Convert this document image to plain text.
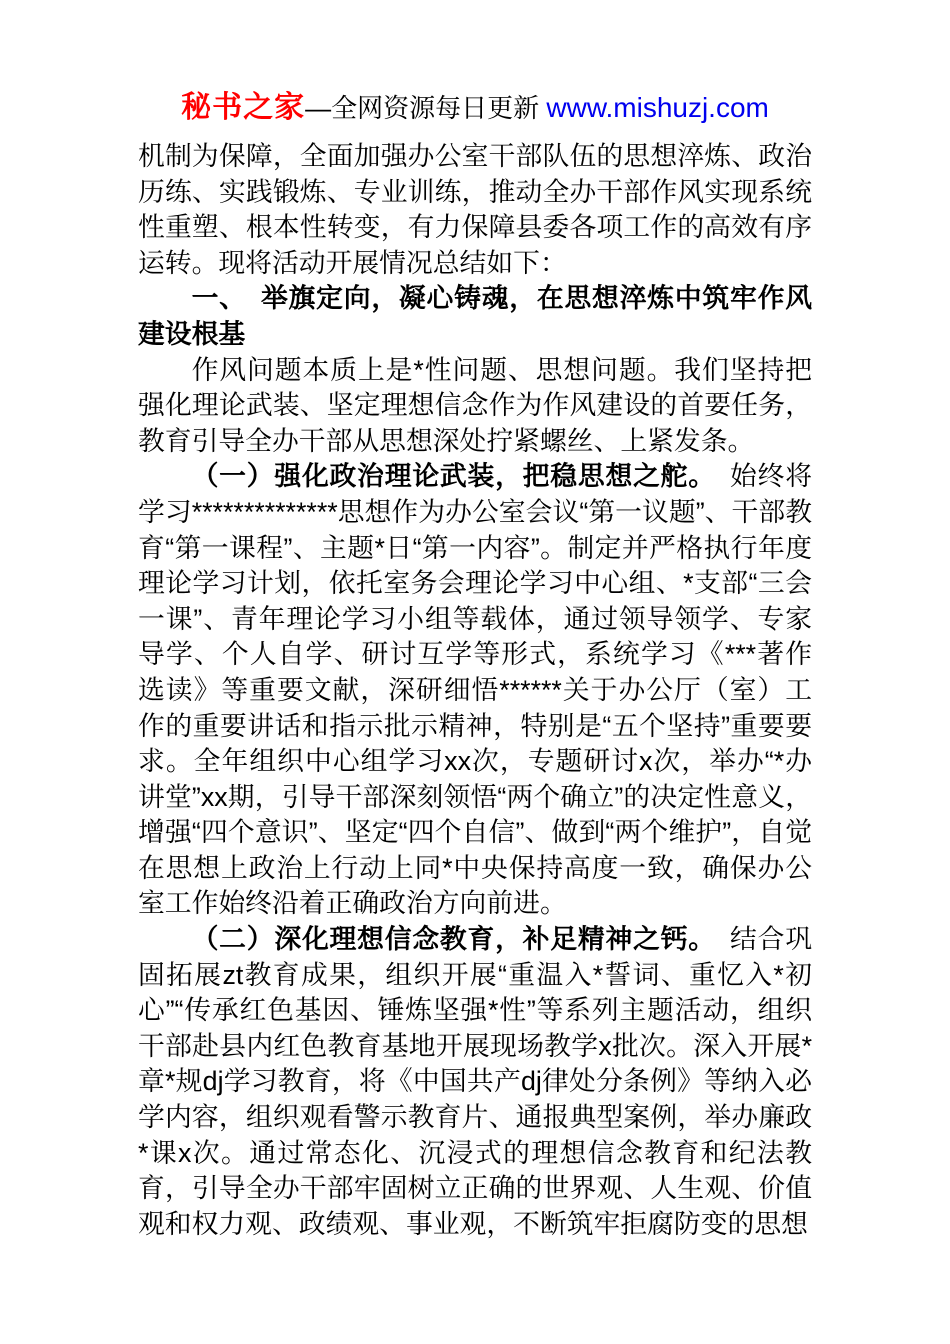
秘书之家—全网资源每日更新 www.mishuzj.com

机制为保障，全面加强办公室干部队伍的思想淬炼、政治历练、实践锻炼、专业训练，推动全办干部作风实现系统性重塑、根本性转变，有力保障县委各项工作的高效有序运转。现将活动开展情况总结如下：

一、　举旗定向，凝心铸魂，在思想淬炼中筑牢作风建设根基

作风问题本质上是*性问题、思想问题。我们坚持把强化理论武装、坚定理想信念作为作风建设的首要任务，教育引导全办干部从思想深处拧紧螺丝、上紧发条。

（一）强化政治理论武装，把稳思想之舵。　始终将学习**************思想作为办公室会议“第一议题”、干部教育“第一课程”、主题*日“第一内容”。制定并严格执行年度理论学习计划，依托室务会理论学习中心组、*支部“三会一课”、青年理论学习小组等载体，通过领导领学、专家导学、个人自学、研讨互学等形式，系统学习《***著作选读》等重要文献，深研细悟******关于办公厅（室）工作的重要讲话和指示批示精神，特别是“五个坚持”重要要求。全年组织中心组学习xx次，专题研讨x次，举办“*办讲堂”xx期，引导干部深刻领悟“两个确立”的决定性意义，增强“四个意识”、坚定“四个自信”、做到“两个维护”，自觉在思想上政治上行动上同*中央保持高度一致，确保办公室工作始终沿着正确政治方向前进。

（二）深化理想信念教育，补足精神之钙。　结合巩固拓展zt教育成果，组织开展“重温入*誓词、重忆入*初心”“传承红色基因、锤炼坚强*性”等系列主题活动，组织干部赴县内红色教育基地开展现场教学x批次。深入开展*章*规dj学习教育，将《中国共产dj律处分条例》等纳入必学内容，组织观看警示教育片、通报典型案例，举办廉政*课x次。通过常态化、沉浸式的理想信念教育和纪法教育，引导全办干部牢固树立正确的世界观、人生观、价值观和权力观、政绩观、事业观，不断筑牢拒腐防变的思想
